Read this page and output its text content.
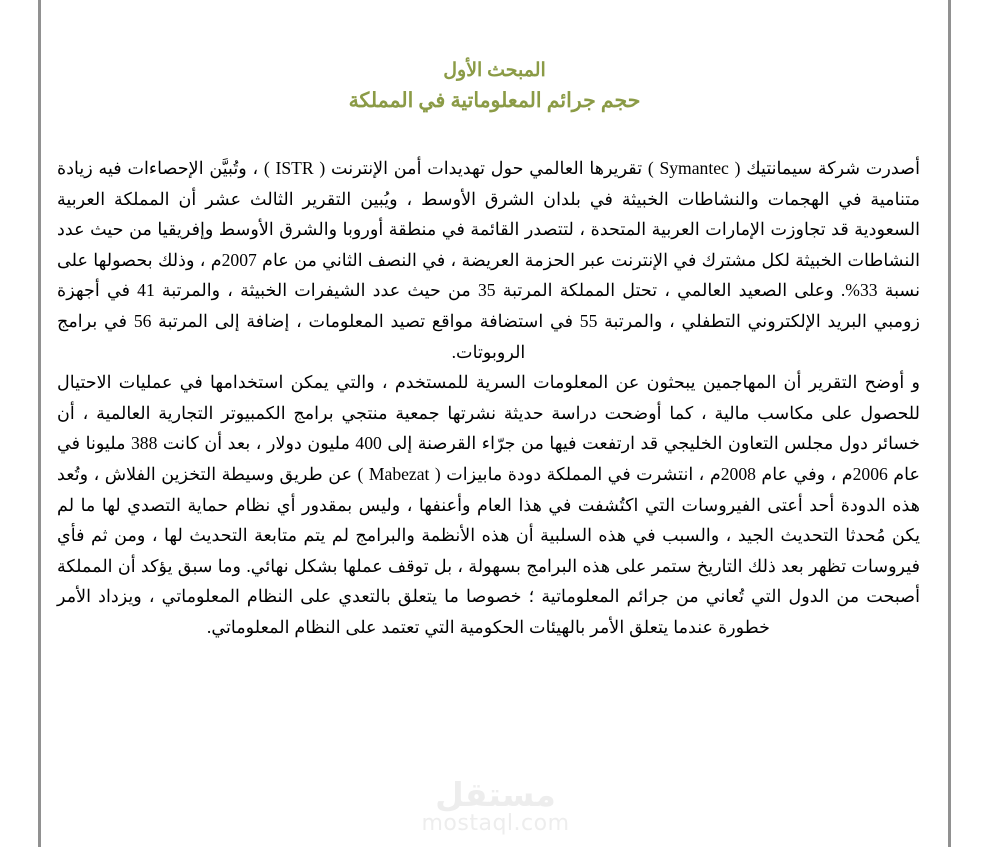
المبحث الأول
حجم جرائم المعلوماتية في المملكة

أصدرت شركة سيمانتيك ( Symantec ) تقريرها العالمي حول تهديدات أمن الإنترنت ( ISTR ) ، وتُبيَّن الإحصاءات فيه زيادة متنامية في الهجمات والنشاطات الخبيثة في بلدان الشرق الأوسط ، ويُبين التقرير الثالث عشر أن المملكة العربية السعودية قد تجاوزت الإمارات العربية المتحدة ، لتتصدر القائمة في منطقة أوروبا والشرق الأوسط وإفريقيا من حيث عدد النشاطات الخبيثة لكل مشترك في الإنترنت عبر الحزمة العريضة ، في النصف الثاني من عام 2007م ، وذلك بحصولها على نسبة 33%. وعلى الصعيد العالمي ، تحتل المملكة المرتبة 35 من حيث عدد الشيفرات الخبيثة ، والمرتبة 41 في أجهزة زومبي البريد الإلكتروني التطفلي ، والمرتبة 55 في استضافة مواقع تصيد المعلومات ، إضافة إلى المرتبة 56 في برامج الروبوتات.

و أوضح التقرير أن المهاجمين يبحثون عن المعلومات السرية للمستخدم ، والتي يمكن استخدامها في عمليات الاحتيال للحصول على مكاسب مالية ، كما أوضحت دراسة حديثة نشرتها جمعية منتجي برامج الكمبيوتر التجارية العالمية ، أن خسائر دول مجلس التعاون الخليجي قد ارتفعت فيها من جرّاء القرصنة إلى 400 مليون دولار ، بعد أن كانت 388 مليونا في عام 2006م ، وفي عام 2008م ، انتشرت في المملكة دودة مابيزات ( Mabezat ) عن طريق وسيطة التخزين الفلاش ، وتُعد هذه الدودة أحد أعتى الفيروسات التي اكتُشفت في هذا العام وأعنفها ، وليس بمقدور أي نظام حماية التصدي لها ما لم يكن مُحدثا التحديث الجيد ، والسبب في هذه السلبية أن هذه الأنظمة والبرامج لم يتم متابعة التحديث لها ، ومن ثم فأي فيروسات تظهر بعد ذلك التاريخ ستمر على هذه البرامج بسهولة ، بل توقف عملها بشكل نهائي. وما سبق يؤكد أن المملكة أصبحت من الدول التي تُعاني من جرائم المعلوماتية ؛ خصوصا ما يتعلق بالتعدي على النظام المعلوماتي ، ويزداد الأمر خطورة عندما يتعلق الأمر بالهيئات الحكومية التي تعتمد على النظام المعلوماتي.

مستقل
mostaql.com
